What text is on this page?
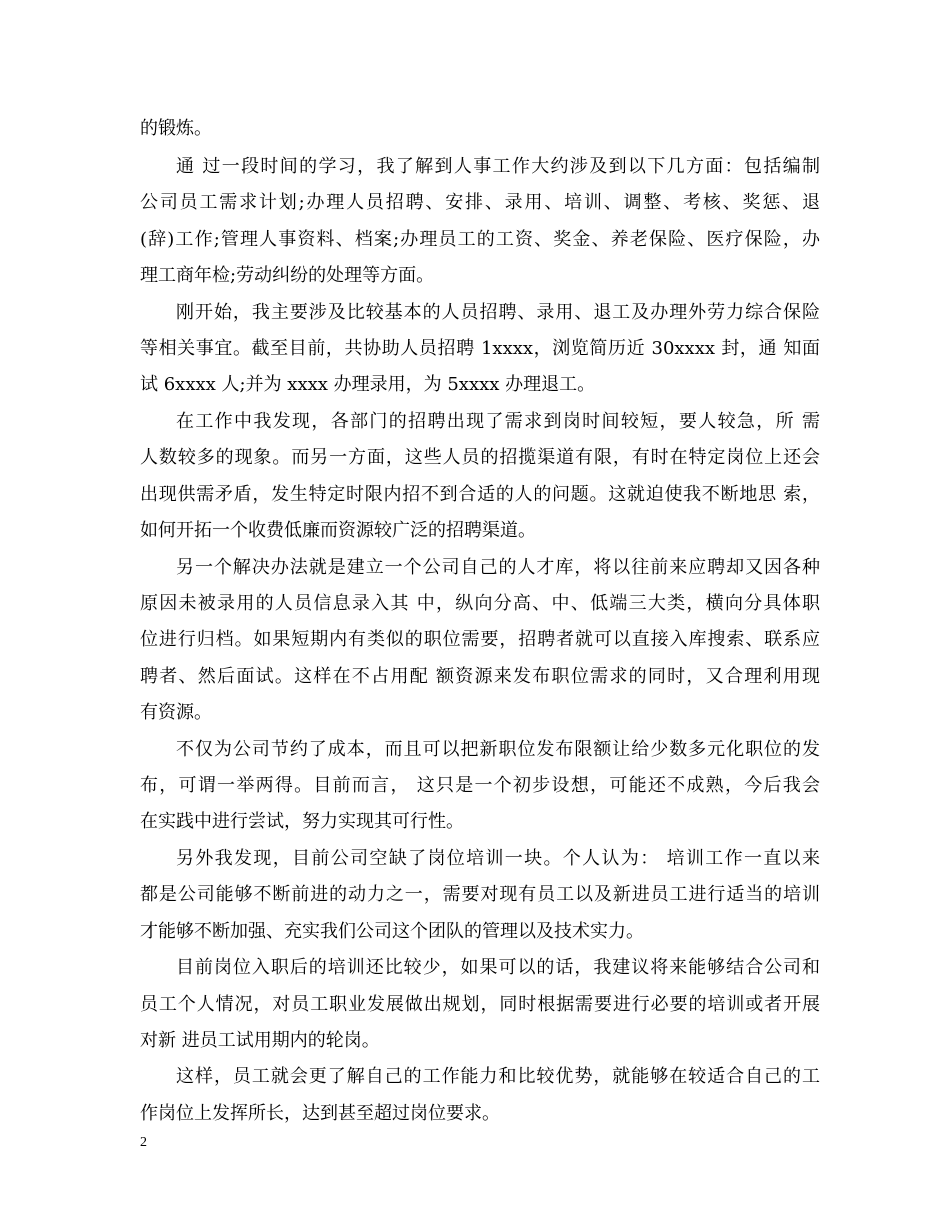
的锻炼。
通 过一段时间的学习，我了解到人事工作大约涉及到以下几方面：包括编制
公司员工需求计划;办理人员招聘、安排、录用、培训、调整、考核、奖惩、退
(辞)工作;管理人事资料、档案;办理员工的工资、奖金、养老保险、医疗保险，办
理工商年检;劳动纠纷的处理等方面。
刚开始，我主要涉及比较基本的人员招聘、录用、退工及办理外劳力综合保险
等相关事宜。截至目前，共协助人员招聘 1xxxx，浏览简历近 30xxxx 封，通 知面
试 6xxxx 人;并为 xxxx 办理录用，为 5xxxx 办理退工。
在工作中我发现，各部门的招聘出现了需求到岗时间较短，要人较急，所 需
人数较多的现象。而另一方面，这些人员的招揽渠道有限，有时在特定岗位上还会
出现供需矛盾，发生特定时限内招不到合适的人的问题。这就迫使我不断地思 索，
如何开拓一个收费低廉而资源较广泛的招聘渠道。
另一个解决办法就是建立一个公司自己的人才库，将以往前来应聘却又因各种
原因未被录用的人员信息录入其 中，纵向分高、中、低端三大类，横向分具体职
位进行归档。如果短期内有类似的职位需要，招聘者就可以直接入库搜索、联系应
聘者、然后面试。这样在不占用配 额资源来发布职位需求的同时，又合理利用现
有资源。
不仅为公司节约了成本，而且可以把新职位发布限额让给少数多元化职位的发
布，可谓一举两得。目前而言， 这只是一个初步设想，可能还不成熟，今后我会
在实践中进行尝试，努力实现其可行性。
另外我发现，目前公司空缺了岗位培训一块。个人认为： 培训工作一直以来
都是公司能够不断前进的动力之一，需要对现有员工以及新进员工进行适当的培训
才能够不断加强、充实我们公司这个团队的管理以及技术实力。
目前岗位入职后的培训还比较少，如果可以的话，我建议将来能够结合公司和
员工个人情况，对员工职业发展做出规划，同时根据需要进行必要的培训或者开展
对新 进员工试用期内的轮岗。
这样，员工就会更了解自己的工作能力和比较优势，就能够在较适合自己的工
作岗位上发挥所长，达到甚至超过岗位要求。
2
